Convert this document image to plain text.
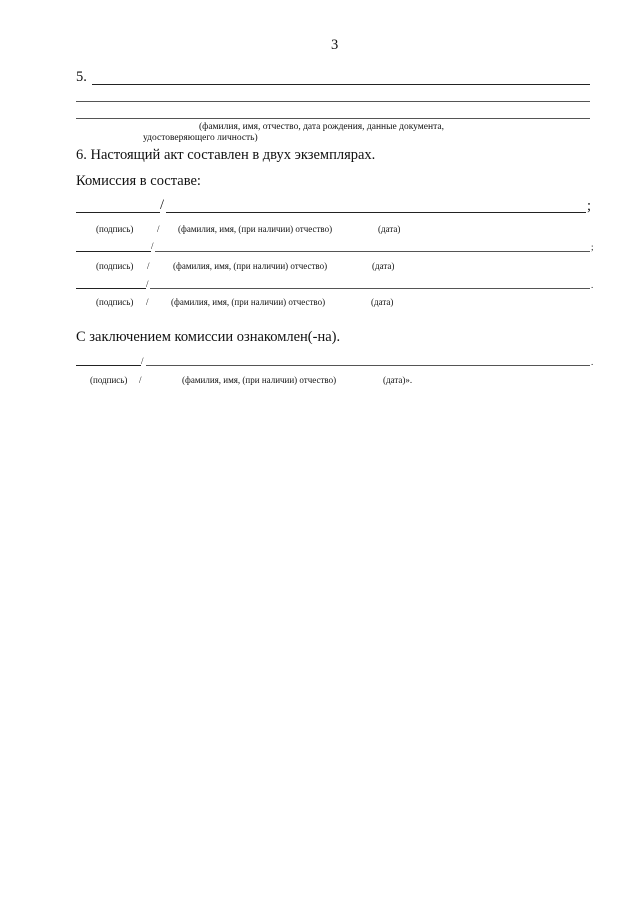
3
5.
(фамилия, имя, отчество, дата рождения, данные документа,
удостоверяющего личность)
6. Настоящий акт составлен в двух экземплярах.
Комиссия в составе:
/	;
(подпись)	/ (фамилия, имя, (при наличии) отчество)	(дата)
/	;
(подпись) /	(фамилия, имя, (при наличии) отчество)	(дата)
/	.
(подпись) / (фамилия, имя, (при наличии) отчество)	(дата)
С заключением комиссии ознакомлен(-на).
/	.
(подпись) /	(фамилия, имя, (при наличии) отчество)	(дата)».
